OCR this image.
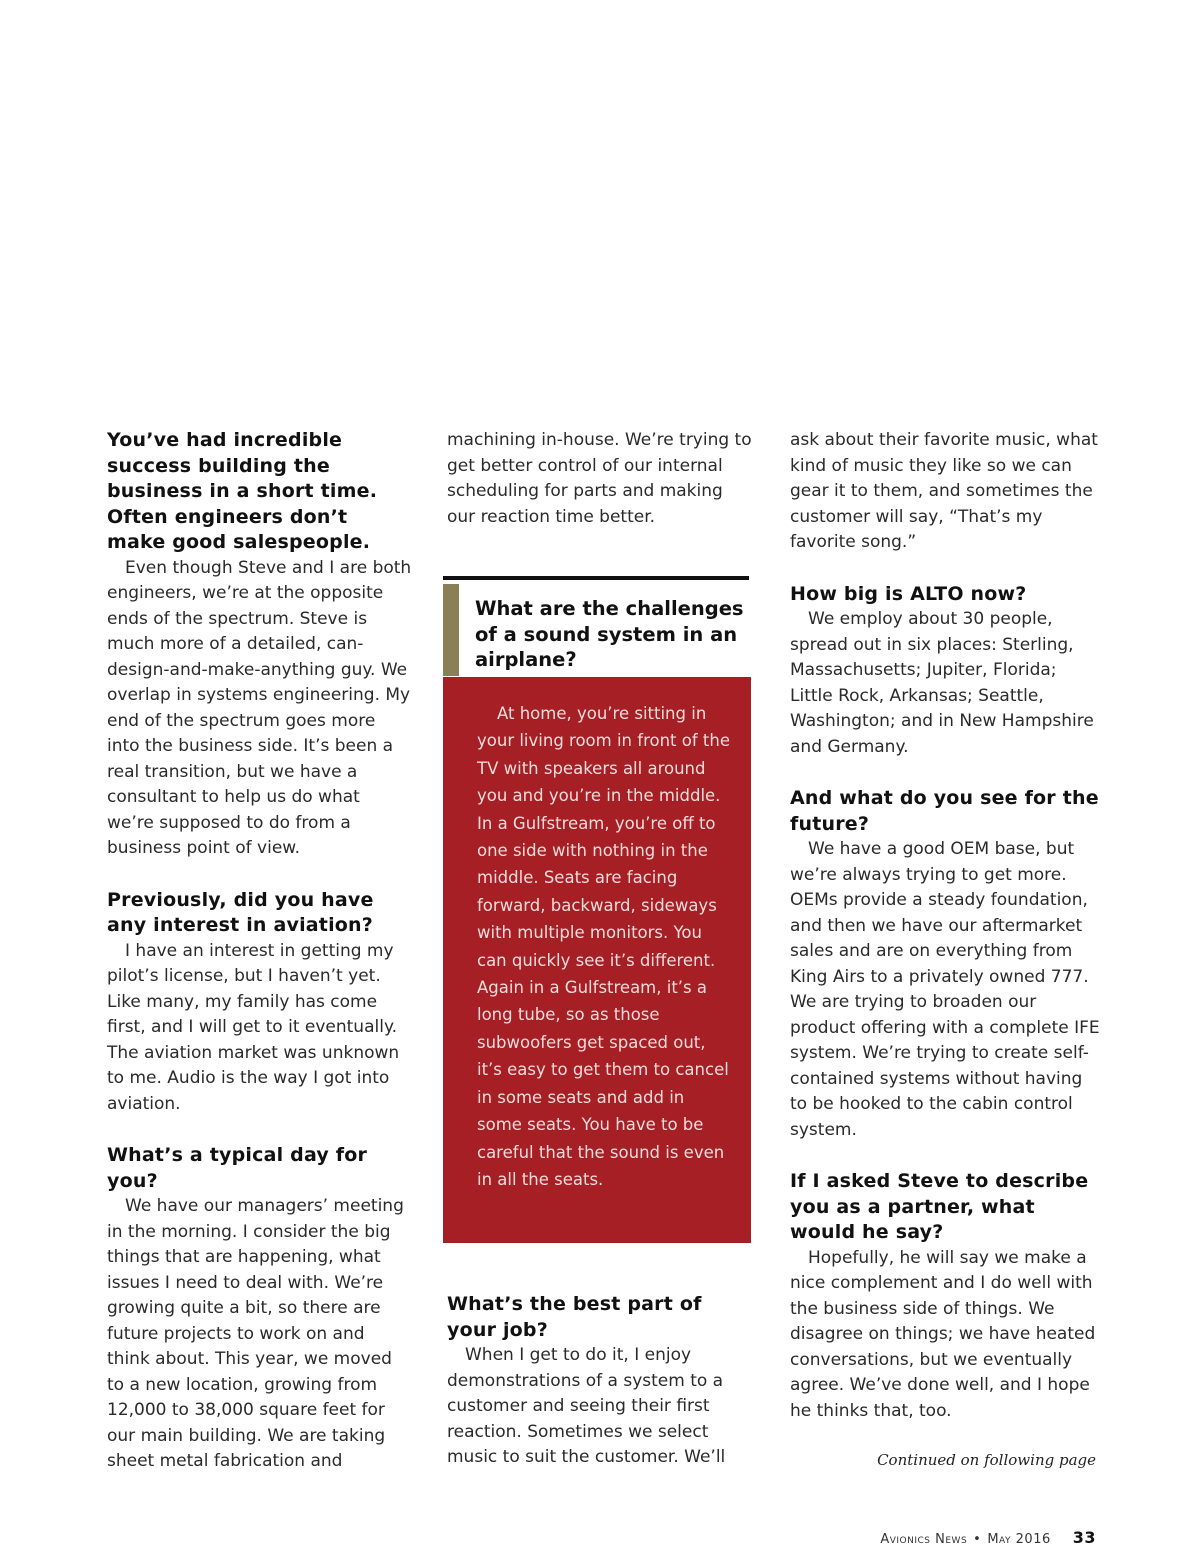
You’ve had incredible success building the business in a short time. Often engineers don’t make good salespeople.

Even though Steve and I are both engineers, we’re at the opposite ends of the spectrum. Steve is much more of a detailed, can-design-and-make-anything guy. We overlap in systems engineering. My end of the spectrum goes more into the business side. It’s been a real transition, but we have a consultant to help us do what we’re supposed to do from a business point of view.

Previously, did you have any interest in aviation?

I have an interest in getting my pilot’s license, but I haven’t yet. Like many, my family has come first, and I will get to it eventually. The aviation market was unknown to me. Audio is the way I got into aviation.

What’s a typical day for you?

We have our managers’ meeting in the morning. I consider the big things that are happening, what issues I need to deal with. We’re growing quite a bit, so there are future projects to work on and think about. This year, we moved to a new location, growing from 12,000 to 38,000 square feet for our main building. We are taking sheet metal fabrication and

machining in-house. We’re trying to get better control of our internal scheduling for parts and making our reaction time better.

What are the challenges of a sound system in an airplane?

At home, you’re sitting in your living room in front of the TV with speakers all around you and you’re in the middle. In a Gulfstream, you’re off to one side with nothing in the middle. Seats are facing forward, backward, sideways with multiple monitors. You can quickly see it’s different. Again in a Gulfstream, it’s a long tube, so as those subwoofers get spaced out, it’s easy to get them to cancel in some seats and add in some seats. You have to be careful that the sound is even in all the seats.

What’s the best part of your job?

When I get to do it, I enjoy demonstrations of a system to a customer and seeing their first reaction. Sometimes we select music to suit the customer. We’ll

ask about their favorite music, what kind of music they like so we can gear it to them, and sometimes the customer will say, “That’s my favorite song.”

How big is ALTO now?

We employ about 30 people, spread out in six places: Sterling, Massachusetts; Jupiter, Florida; Little Rock, Arkansas; Seattle, Washington; and in New Hampshire and Germany.

And what do you see for the future?

We have a good OEM base, but we’re always trying to get more. OEMs provide a steady foundation, and then we have our aftermarket sales and are on everything from King Airs to a privately owned 777. We are trying to broaden our product offering with a complete IFE system. We’re trying to create self-contained systems without having to be hooked to the cabin control system.

If I asked Steve to describe you as a partner, what would he say?

Hopefully, he will say we make a nice complement and I do well with the business side of things. We disagree on things; we have heated conversations, but we eventually agree. We’ve done well, and I hope he thinks that, too.

Continued on following page
Avionics News • May 2016 33
